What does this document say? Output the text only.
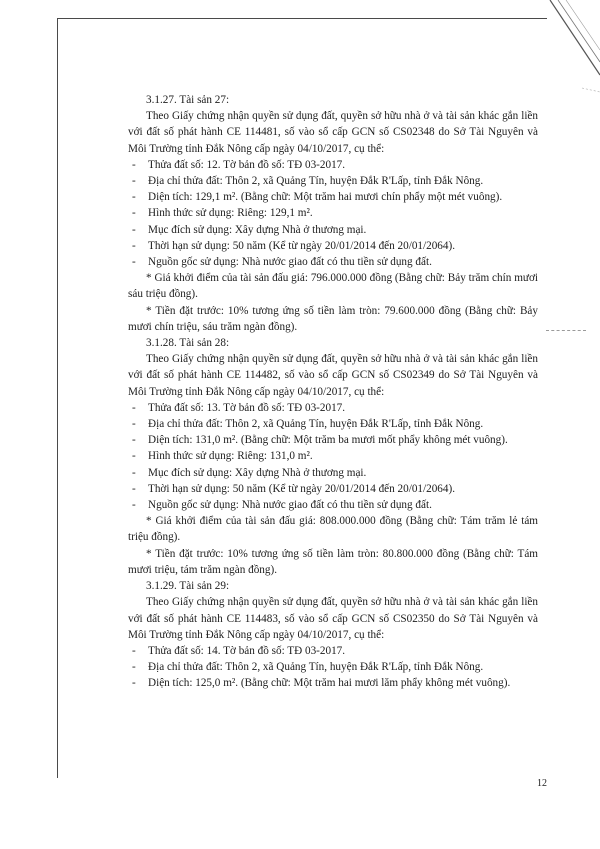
3.1.27. Tài sản 27:

Theo Giấy chứng nhận quyền sử dụng đất, quyền sở hữu nhà ở và tài sản khác gắn liền với đất số phát hành CE 114481, số vào sổ cấp GCN số CS02348 do Sở Tài Nguyên và Môi Trường tỉnh Đắk Nông cấp ngày 04/10/2017, cụ thể:

- Thửa đất số: 12. Tờ bản đồ số: TĐ 03-2017.

- Địa chỉ thửa đất: Thôn 2, xã Quảng Tín, huyện Đắk R'Lấp, tỉnh Đắk Nông.

- Diện tích: 129,1 m². (Bằng chữ: Một trăm hai mươi chín phẩy một mét vuông).

- Hình thức sử dụng: Riêng: 129,1 m².

- Mục đích sử dụng: Xây dựng Nhà ở thương mại.

- Thời hạn sử dụng: 50 năm (Kể từ ngày 20/01/2014 đến 20/01/2064).

- Nguồn gốc sử dụng: Nhà nước giao đất có thu tiền sử dụng đất.

* Giá khởi điểm của tài sản đấu giá: 796.000.000 đồng (Bằng chữ: Bảy trăm chín mươi sáu triệu đồng).

* Tiền đặt trước: 10% tương ứng số tiền làm tròn: 79.600.000 đồng (Bằng chữ: Bảy mươi chín triệu, sáu trăm ngàn đồng).

3.1.28. Tài sản 28:

Theo Giấy chứng nhận quyền sử dụng đất, quyền sở hữu nhà ở và tài sản khác gắn liền với đất số phát hành CE 114482, số vào sổ cấp GCN số CS02349 do Sở Tài Nguyên và Môi Trường tỉnh Đắk Nông cấp ngày 04/10/2017, cụ thể:

- Thửa đất số: 13. Tờ bản đồ số: TĐ 03-2017.

- Địa chỉ thửa đất: Thôn 2, xã Quảng Tín, huyện Đắk R'Lấp, tỉnh Đắk Nông.

- Diện tích: 131,0 m². (Bằng chữ: Một trăm ba mươi mốt phẩy không mét vuông).

- Hình thức sử dụng: Riêng: 131,0 m².

- Mục đích sử dụng: Xây dựng Nhà ở thương mại.

- Thời hạn sử dụng: 50 năm (Kể từ ngày 20/01/2014 đến 20/01/2064).

- Nguồn gốc sử dụng: Nhà nước giao đất có thu tiền sử dụng đất.

* Giá khởi điểm của tài sản đấu giá: 808.000.000 đồng (Bằng chữ: Tám trăm lẻ tám triệu đồng).

* Tiền đặt trước: 10% tương ứng số tiền làm tròn: 80.800.000 đồng (Bằng chữ: Tám mươi triệu, tám trăm ngàn đồng).

3.1.29. Tài sản 29:

Theo Giấy chứng nhận quyền sử dụng đất, quyền sở hữu nhà ở và tài sản khác gắn liền với đất số phát hành CE 114483, số vào sổ cấp GCN số CS02350 do Sở Tài Nguyên và Môi Trường tỉnh Đắk Nông cấp ngày 04/10/2017, cụ thể:

- Thửa đất số: 14. Tờ bản đồ số: TĐ 03-2017.

- Địa chỉ thửa đất: Thôn 2, xã Quảng Tín, huyện Đắk R'Lấp, tỉnh Đắk Nông.

- Diện tích: 125,0 m². (Bằng chữ: Một trăm hai mươi lăm phẩy không mét vuông).

12
